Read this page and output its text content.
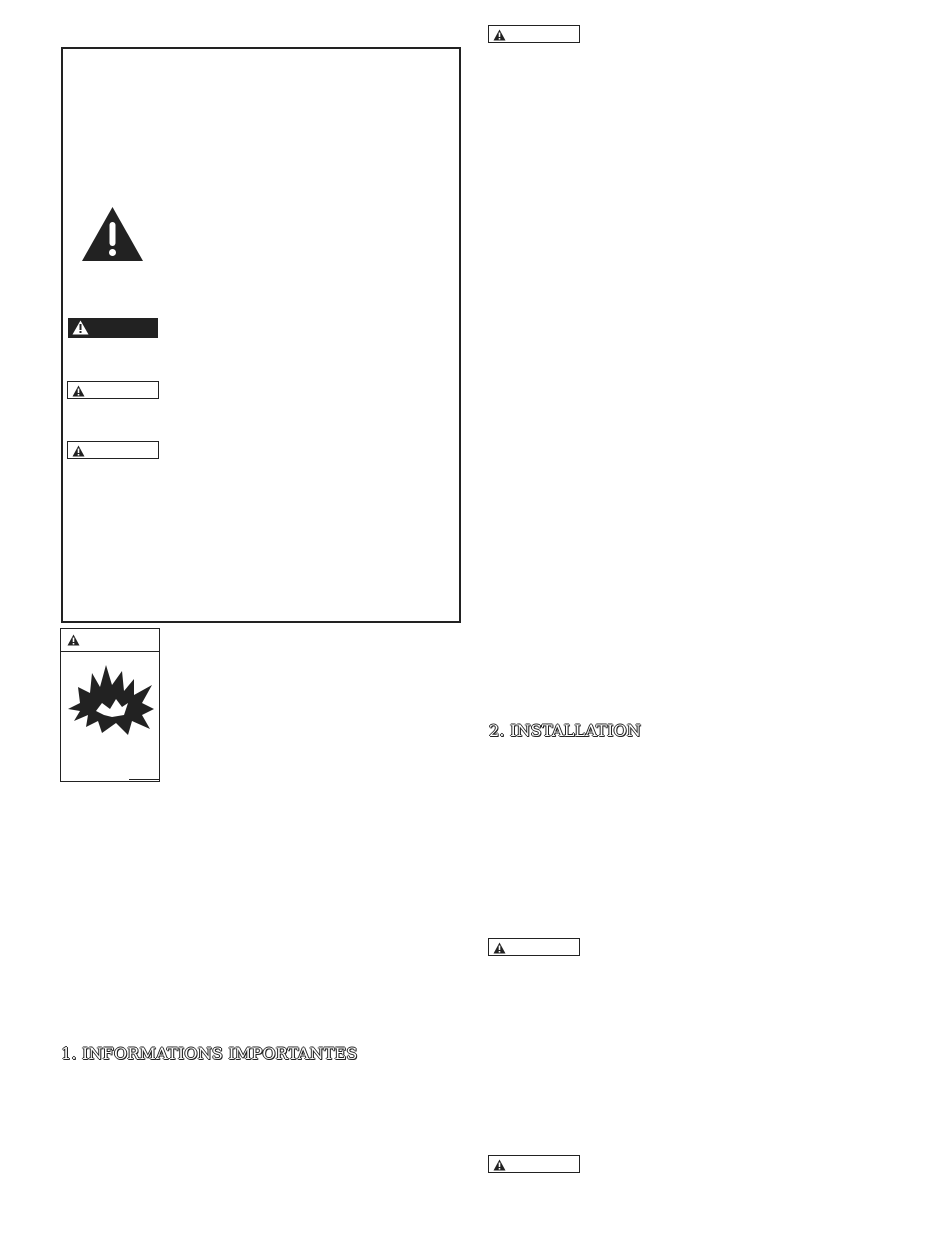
1. INFORMATIONS IMPORTANTES
2. INSTALLATION
